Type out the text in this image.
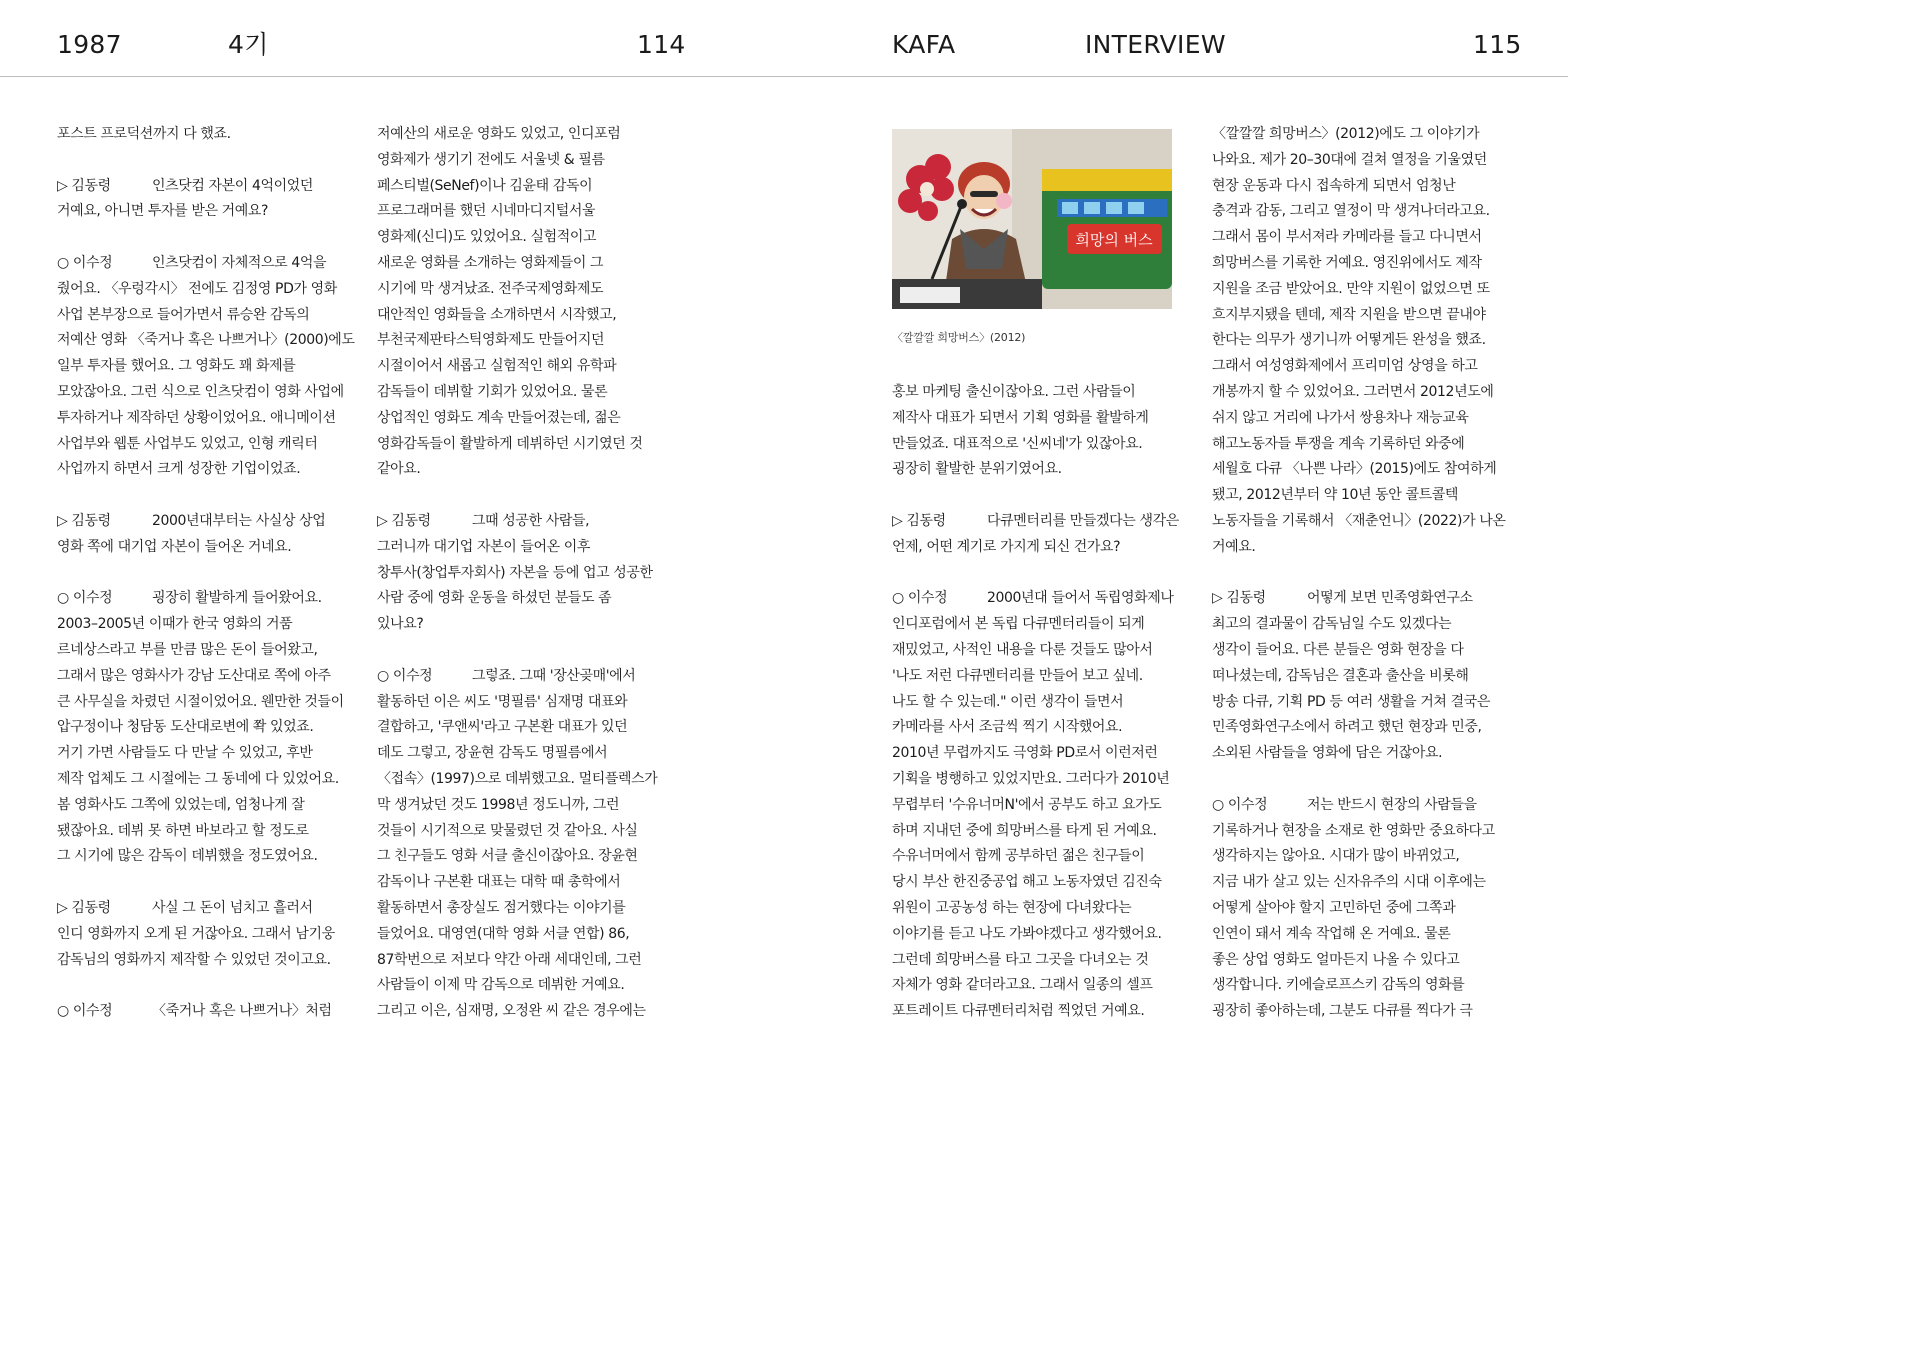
1987	4기	114	KAFA	INTERVIEW	115

포스트 프로덕션까지 다 했죠.

▷ 김동령	인츠닷컴 자본이 4억이었던
거예요, 아니면 투자를 받은 거예요?

○ 이수정	인츠닷컴이 자체적으로 4억을
줬어요. 〈우렁각시〉 전에도 김정영 PD가 영화
사업 본부장으로 들어가면서 류승완 감독의
저예산 영화 〈죽거나 혹은 나쁘거나〉(2000)에도
일부 투자를 했어요. 그 영화도 꽤 화제를
모았잖아요. 그런 식으로 인츠닷컴이 영화 사업에
투자하거나 제작하던 상황이었어요. 애니메이션
사업부와 웹툰 사업부도 있었고, 인형 캐릭터
사업까지 하면서 크게 성장한 기업이었죠.

▷ 김동령	2000년대부터는 사실상 상업
영화 쪽에 대기업 자본이 들어온 거네요.

○ 이수정	굉장히 활발하게 들어왔어요.
2003–2005년 이때가 한국 영화의 거품
르네상스라고 부를 만큼 많은 돈이 들어왔고,
그래서 많은 영화사가 강남 도산대로 쪽에 아주
큰 사무실을 차렸던 시절이었어요. 웬만한 것들이
압구정이나 청담동 도산대로변에 쫙 있었죠.
거기 가면 사람들도 다 만날 수 있었고, 후반
제작 업체도 그 시절에는 그 동네에 다 있었어요.
봄 영화사도 그쪽에 있었는데, 엄청나게 잘
됐잖아요. 데뷔 못 하면 바보라고 할 정도로
그 시기에 많은 감독이 데뷔했을 정도였어요.

▷ 김동령	사실 그 돈이 넘치고 흘러서
인디 영화까지 오게 된 거잖아요. 그래서 남기웅
감독님의 영화까지 제작할 수 있었던 것이고요.

○ 이수정	〈죽거나 혹은 나쁘거나〉처럼

저예산의 새로운 영화도 있었고, 인디포럼
영화제가 생기기 전에도 서울넷 & 필름
페스티벌(SeNef)이나 김윤태 감독이
프로그래머를 했던 시네마디지털서울
영화제(신디)도 있었어요. 실험적이고
새로운 영화를 소개하는 영화제들이 그
시기에 막 생겨났죠. 전주국제영화제도
대안적인 영화들을 소개하면서 시작했고,
부천국제판타스틱영화제도 만들어지던
시절이어서 새롭고 실험적인 해외 유학파
감독들이 데뷔할 기회가 있었어요. 물론
상업적인 영화도 계속 만들어졌는데, 젊은
영화감독들이 활발하게 데뷔하던 시기였던 것
같아요.

▷ 김동령	그때 성공한 사람들,
그러니까 대기업 자본이 들어온 이후
창투사(창업투자회사) 자본을 등에 업고 성공한
사람 중에 영화 운동을 하셨던 분들도 좀
있나요?

○ 이수정	그렇죠. 그때 '장산곶매'에서
활동하던 이은 씨도 '명필름' 심재명 대표와
결합하고, '쿠앤씨'라고 구본환 대표가 있던
데도 그렇고, 장윤현 감독도 명필름에서
〈접속〉(1997)으로 데뷔했고요. 멀티플렉스가
막 생겨났던 것도 1998년 정도니까, 그런
것들이 시기적으로 맞물렸던 것 같아요. 사실
그 친구들도 영화 서클 출신이잖아요. 장윤현
감독이나 구본환 대표는 대학 때 총학에서
활동하면서 총장실도 점거했다는 이야기를
들었어요. 대영연(대학 영화 서클 연합) 86,
87학번으로 저보다 약간 아래 세대인데, 그런
사람들이 이제 막 감독으로 데뷔한 거예요.
그리고 이은, 심재명, 오정완 씨 같은 경우에는

홍보 마케팅 출신이잖아요. 그런 사람들이
제작사 대표가 되면서 기획 영화를 활발하게
만들었죠. 대표적으로 '신씨네'가 있잖아요.
굉장히 활발한 분위기였어요.

▷ 김동령	다큐멘터리를 만들겠다는 생각은
언제, 어떤 계기로 가지게 되신 건가요?

○ 이수정	2000년대 들어서 독립영화제나
인디포럼에서 본 독립 다큐멘터리들이 되게
재밌었고, 사적인 내용을 다룬 것들도 많아서
'나도 저런 다큐멘터리를 만들어 보고 싶네.
나도 할 수 있는데." 이런 생각이 들면서
카메라를 사서 조금씩 찍기 시작했어요.
2010년 무렵까지도 극영화 PD로서 이런저런
기획을 병행하고 있었지만요. 그러다가 2010년
무렵부터 '수유너머N'에서 공부도 하고 요가도
하며 지내던 중에 희망버스를 타게 된 거예요.
수유너머에서 함께 공부하던 젊은 친구들이
당시 부산 한진중공업 해고 노동자였던 김진숙
위원이 고공농성 하는 현장에 다녀왔다는
이야기를 듣고 나도 가봐야겠다고 생각했어요.
그런데 희망버스를 타고 그곳을 다녀오는 것
자체가 영화 같더라고요. 그래서 일종의 셀프
포트레이트 다큐멘터리처럼 찍었던 거예요.

〈깔깔깔 희망버스〉(2012)에도 그 이야기가
나와요. 제가 20–30대에 걸쳐 열정을 기울였던
현장 운동과 다시 접속하게 되면서 엄청난
충격과 감동, 그리고 열정이 막 생겨나더라고요.
그래서 몸이 부서져라 카메라를 들고 다니면서
희망버스를 기록한 거예요. 영진위에서도 제작
지원을 조금 받았어요. 만약 지원이 없었으면 또
흐지부지됐을 텐데, 제작 지원을 받으면 끝내야
한다는 의무가 생기니까 어떻게든 완성을 했죠.
그래서 여성영화제에서 프리미엄 상영을 하고
개봉까지 할 수 있었어요. 그러면서 2012년도에
쉬지 않고 거리에 나가서 쌍용차나 재능교육
해고노동자들 투쟁을 계속 기록하던 와중에
세월호 다큐 〈나쁜 나라〉(2015)에도 참여하게
됐고, 2012년부터 약 10년 동안 콜트콜텍
노동자들을 기록해서 〈재춘언니〉(2022)가 나온
거예요.

▷ 김동령	어떻게 보면 민족영화연구소
최고의 결과물이 감독님일 수도 있겠다는
생각이 들어요. 다른 분들은 영화 현장을 다
떠나셨는데, 감독님은 결혼과 출산을 비롯해
방송 다큐, 기획 PD 등 여러 생활을 거쳐 결국은
민족영화연구소에서 하려고 했던 현장과 민중,
소외된 사람들을 영화에 담은 거잖아요.

○ 이수정	저는 반드시 현장의 사람들을
기록하거나 현장을 소재로 한 영화만 중요하다고
생각하지는 않아요. 시대가 많이 바뀌었고,
지금 내가 살고 있는 신자유주의 시대 이후에는
어떻게 살아야 할지 고민하던 중에 그쪽과
인연이 돼서 계속 작업해 온 거예요. 물론
좋은 상업 영화도 얼마든지 나올 수 있다고
생각합니다. 키에슬로프스키 감독의 영화를
굉장히 좋아하는데, 그분도 다큐를 찍다가 극

희망의 버스
〈깔깔깔 희망버스〉(2012)
